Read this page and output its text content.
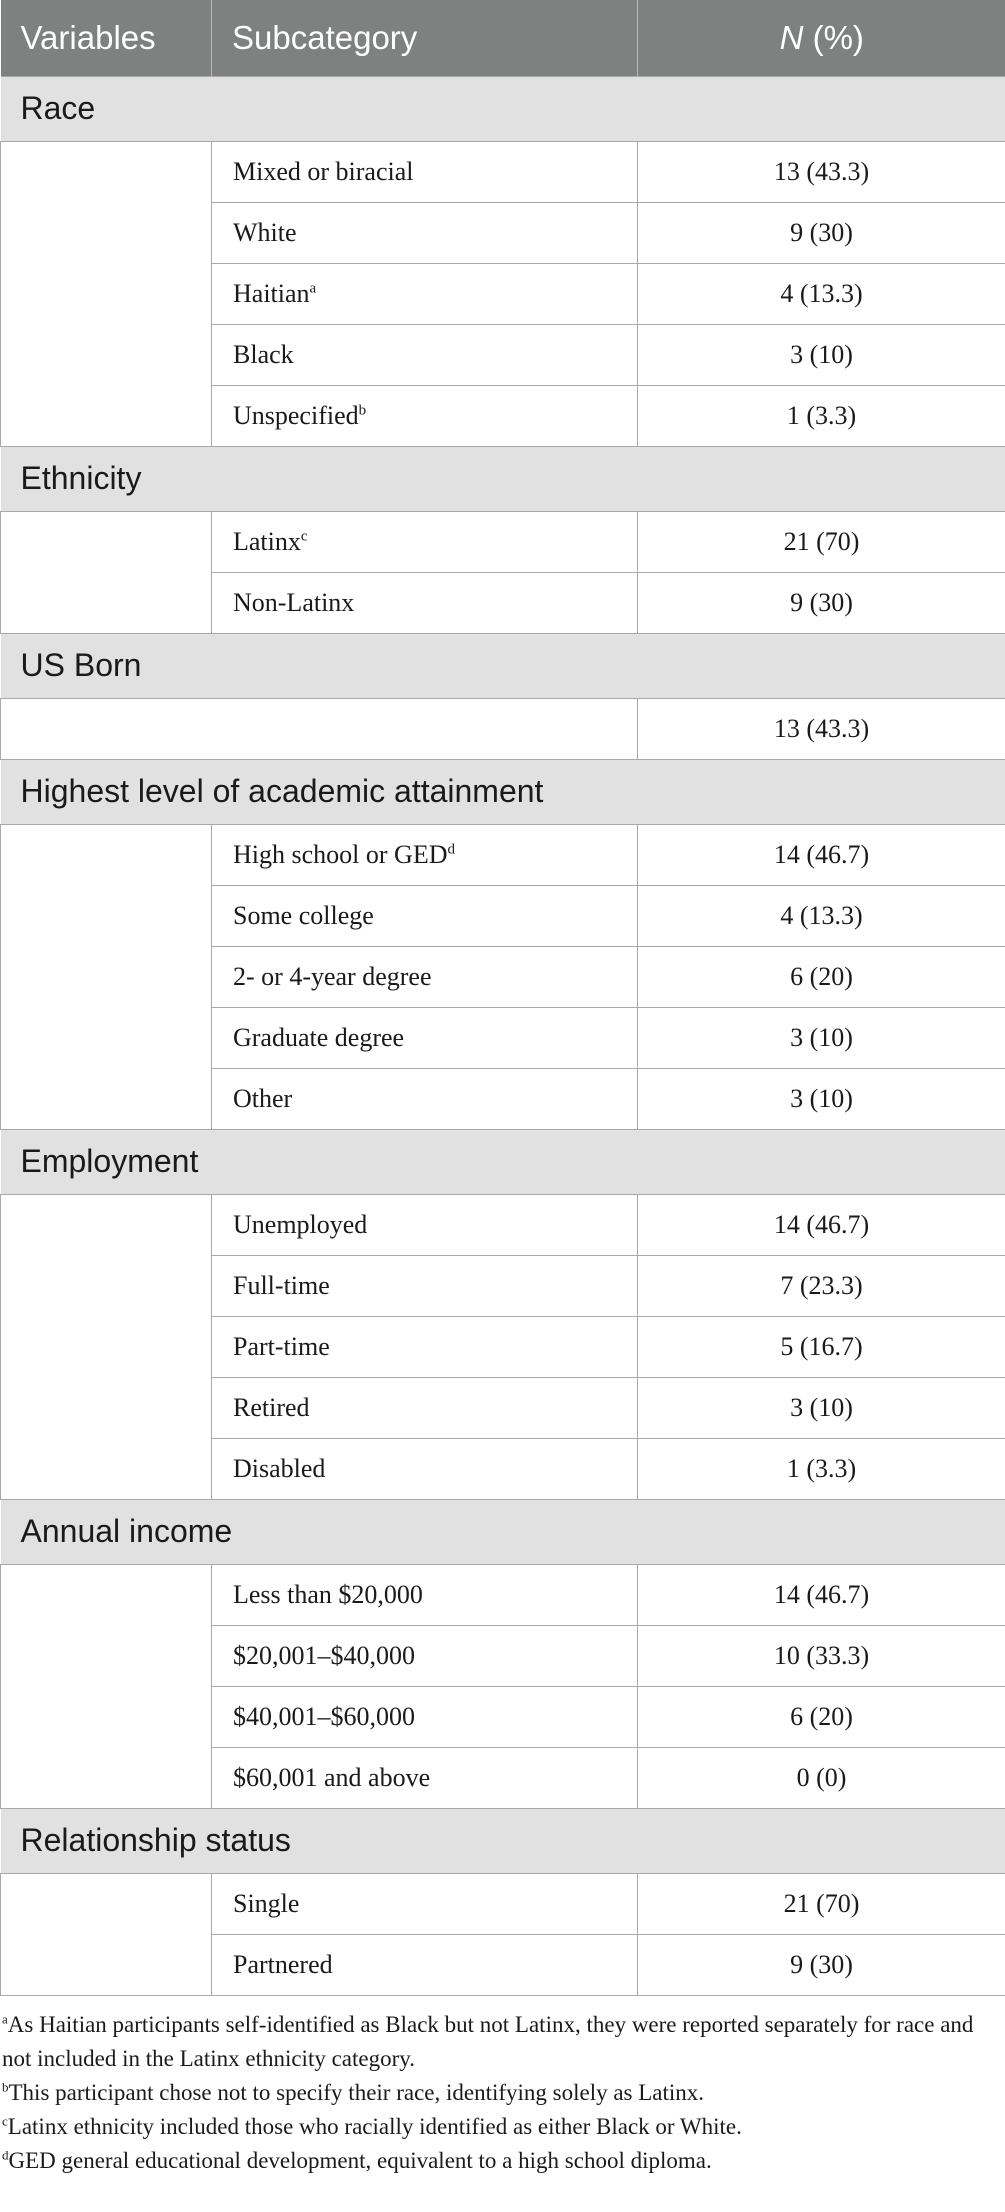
Variables	Subcategory	N (%)
Race		
	Mixed or biracial	13 (43.3)
	White	9 (30)
	Haitian$^a$	4 (13.3)
	Black	3 (10)
	Unspecified$^b$	1 (3.3)
Ethnicity		
	Latinx$^c$	21 (70)
	Non-Latinx	9 (30)
US Born		
		13 (43.3)
Highest level of academic attainment		
	High school or GED$^d$	14 (46.7)
	Some college	4 (13.3)
	2- or 4-year degree	6 (20)
	Graduate degree	3 (10)
	Other	3 (10)
Employment		
	Unemployed	14 (46.7)
	Full-time	7 (23.3)
	Part-time	5 (16.7)
	Retired	3 (10)
	Disabled	1 (3.3)
Annual income		
	Less than $20,000	14 (46.7)
	$20,001–$40,000	10 (33.3)
	$40,001–$60,000	6 (20)
	$60,001 and above	0 (0)
Relationship status		
	Single	21 (70)
	Partnered	9 (30)

$^a$As Haitian participants self-identified as Black but not Latinx, they were reported separately for race and not included in the Latinx ethnicity category.

$^b$This participant chose not to specify their race, identifying solely as Latinx.

$^c$Latinx ethnicity included those who racially identified as either Black or White.

$^d$GED general educational development, equivalent to a high school diploma.
